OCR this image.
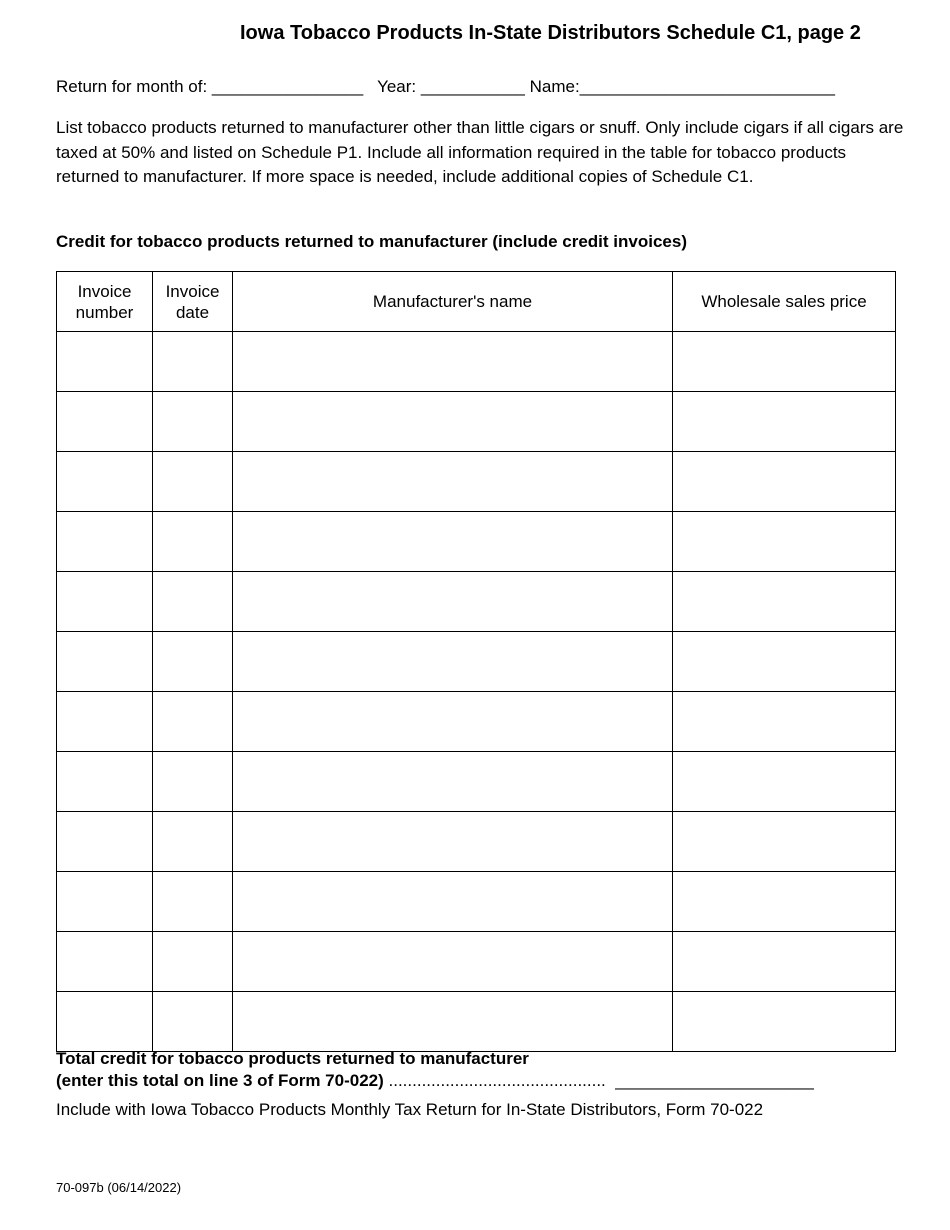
Iowa Tobacco Products In-State Distributors Schedule C1, page 2
Return for month of: ________________ Year: ___________ Name:___________________________

List tobacco products returned to manufacturer other than little cigars or snuff. Only include cigars if all cigars are taxed at 50% and listed on Schedule P1. Include all information required in the table for tobacco products returned to manufacturer. If more space is needed, include additional copies of Schedule C1.

Credit for tobacco products returned to manufacturer (include credit invoices)
Invoice number	Invoice date	Manufacturer's name	Wholesale sales price

Total credit for tobacco products returned to manufacturer
(enter this total on line 3 of Form 70-022) .............................................. _____________________

Include with Iowa Tobacco Products Monthly Tax Return for In-State Distributors, Form 70-022

70-097b (06/14/2022)
